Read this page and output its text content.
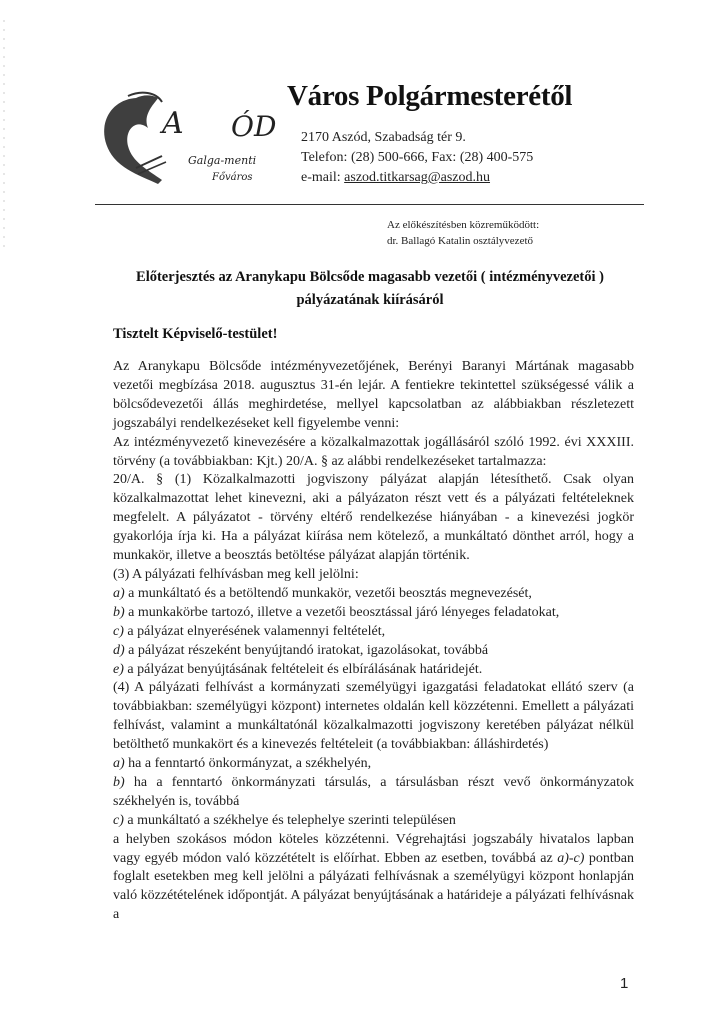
A ÓD
Galga-menti
Főváros
Város Polgármesterétől
2170 Aszód, Szabadság tér 9.
Telefon: (28) 500-666, Fax: (28) 400-575
e-mail: aszod.titkarsag@aszod.hu
Az előkészítésben közreműködött:
dr. Ballagó Katalin osztályvezető
Előterjesztés az Aranykapu Bölcsőde magasabb vezetői ( intézményvezetői )
pályázatának kiírásáról
Tisztelt Képviselő-testület!

Az Aranykapu Bölcsőde intézményvezetőjének, Berényi Baranyi Mártának magasabb vezetői megbízása 2018. augusztus 31-én lejár. A fentiekre tekintettel szükségessé válik a bölcsődevezetői állás meghirdetése, mellyel kapcsolatban az alábbiakban részletezett jogszabályi rendelkezéseket kell figyelembe venni:

Az intézményvezető kinevezésére a közalkalmazottak jogállásáról szóló 1992. évi XXXIII. törvény (a továbbiakban: Kjt.) 20/A. § az alábbi rendelkezéseket tartalmazza:

20/A. § (1) Közalkalmazotti jogviszony pályázat alapján létesíthető. Csak olyan közalkalmazottat lehet kinevezni, aki a pályázaton részt vett és a pályázati feltételeknek megfelelt. A pályázatot - törvény eltérő rendelkezése hiányában - a kinevezési jogkör gyakorlója írja ki. Ha a pályázat kiírása nem kötelező, a munkáltató dönthet arról, hogy a munkakör, illetve a beosztás betöltése pályázat alapján történik.

(3) A pályázati felhívásban meg kell jelölni:

a) a munkáltató és a betöltendő munkakör, vezetői beosztás megnevezését,

b) a munkakörbe tartozó, illetve a vezetői beosztással járó lényeges feladatokat,

c) a pályázat elnyerésének valamennyi feltételét,

d) a pályázat részeként benyújtandó iratokat, igazolásokat, továbbá

e) a pályázat benyújtásának feltételeit és elbírálásának határidejét.

(4) A pályázati felhívást a kormányzati személyügyi igazgatási feladatokat ellátó szerv (a továbbiakban: személyügyi központ) internetes oldalán kell közzétenni. Emellett a pályázati felhívást, valamint a munkáltatónál közalkalmazotti jogviszony keretében pályázat nélkül betölthető munkakört és a kinevezés feltételeit (a továbbiakban: álláshirdetés)

a) ha a fenntartó önkormányzat, a székhelyén,

b) ha a fenntartó önkormányzati társulás, a társulásban részt vevő önkormányzatok székhelyén is, továbbá

c) a munkáltató a székhelye és telephelye szerinti településen

a helyben szokásos módon köteles közzétenni. Végrehajtási jogszabály hivatalos lapban vagy egyéb módon való közzétételt is előírhat. Ebben az esetben, továbbá az a)-c) pontban foglalt esetekben meg kell jelölni a pályázati felhívásnak a személyügyi központ honlapján való közzétételének időpontját. A pályázat benyújtásának a határideje a pályázati felhívásnak a

1
